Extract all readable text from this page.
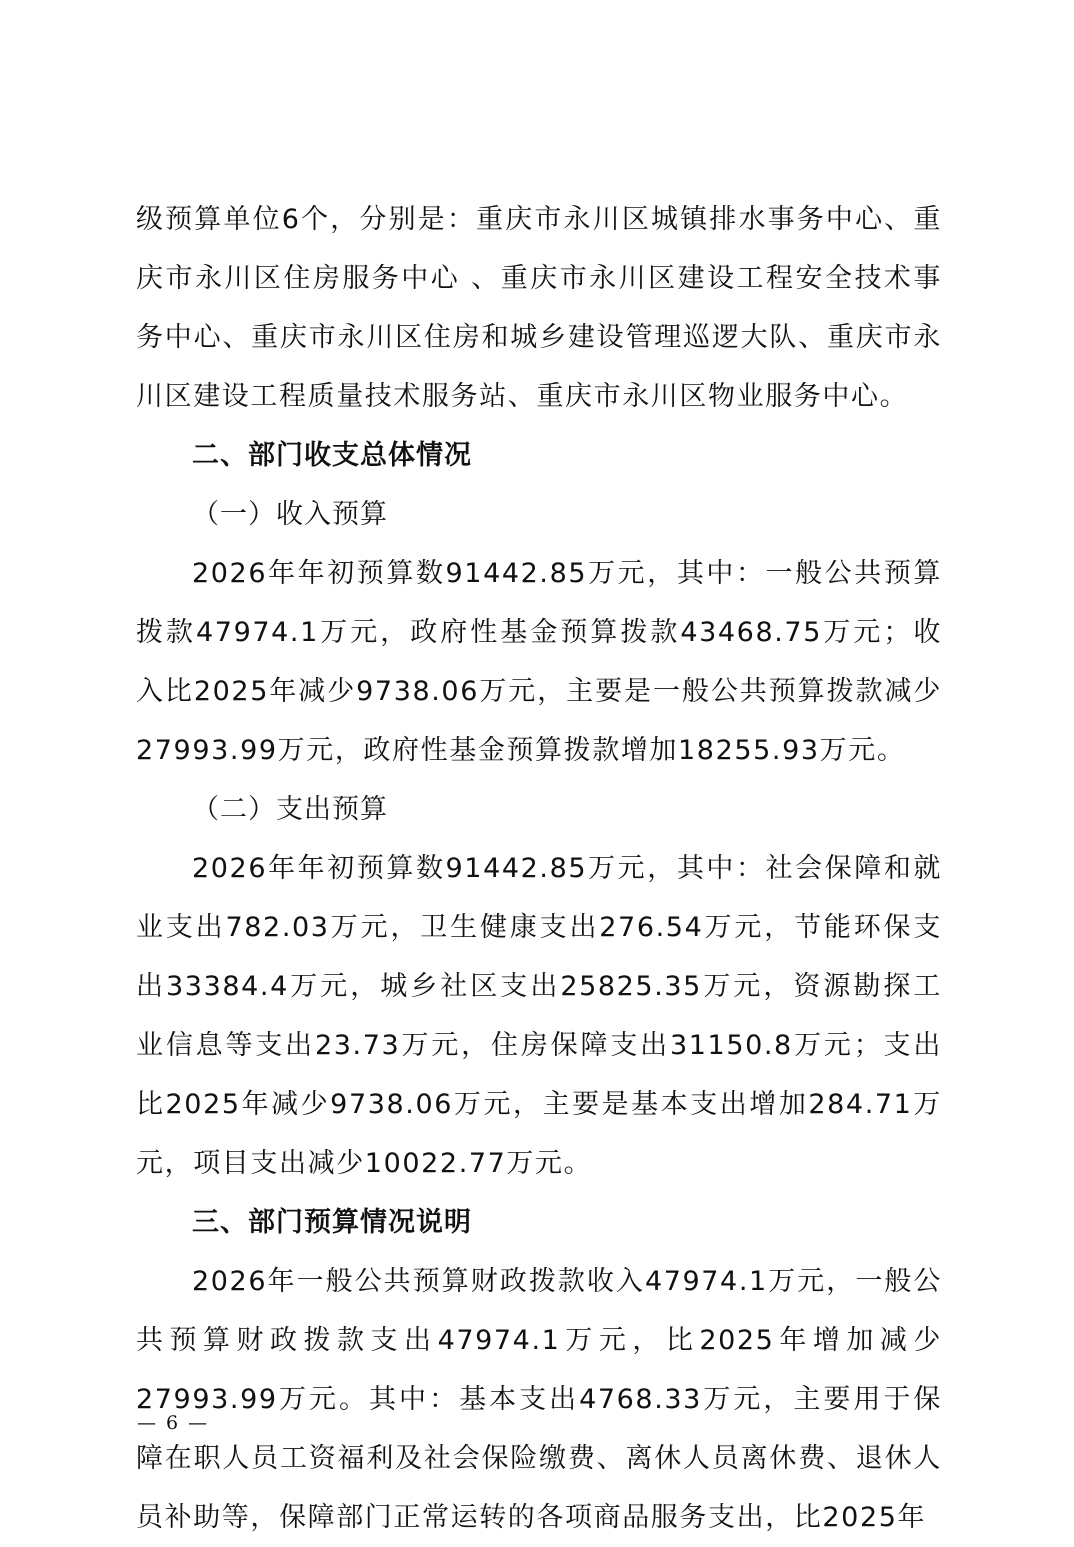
级预算单位6个，分别是：重庆市永川区城镇排水事务中心、重庆市永川区住房服务中心 、重庆市永川区建设工程安全技术事务中心、重庆市永川区住房和城乡建设管理巡逻大队、重庆市永川区建设工程质量技术服务站、重庆市永川区物业服务中心。

二、部门收支总体情况

（一）收入预算

2026年年初预算数91442.85万元，其中：一般公共预算拨款47974.1万元，政府性基金预算拨款43468.75万元；收入比2025年减少9738.06万元，主要是一般公共预算拨款减少27993.99万元，政府性基金预算拨款增加18255.93万元。

（二）支出预算

2026年年初预算数91442.85万元，其中：社会保障和就业支出782.03万元，卫生健康支出276.54万元，节能环保支出33384.4万元，城乡社区支出25825.35万元，资源勘探工业信息等支出23.73万元，住房保障支出31150.8万元；支出比2025年减少9738.06万元，主要是基本支出增加284.71万元，项目支出减少10022.77万元。

三、部门预算情况说明

2026年一般公共预算财政拨款收入47974.1万元，一般公共预算财政拨款支出47974.1万元，比2025年增加减少27993.99万元。其中：基本支出4768.33万元，主要用于保障在职人员工资福利及社会保险缴费、离休人员离休费、退休人员补助等，保障部门正常运转的各项商品服务支出，比2025年

— 6 —
